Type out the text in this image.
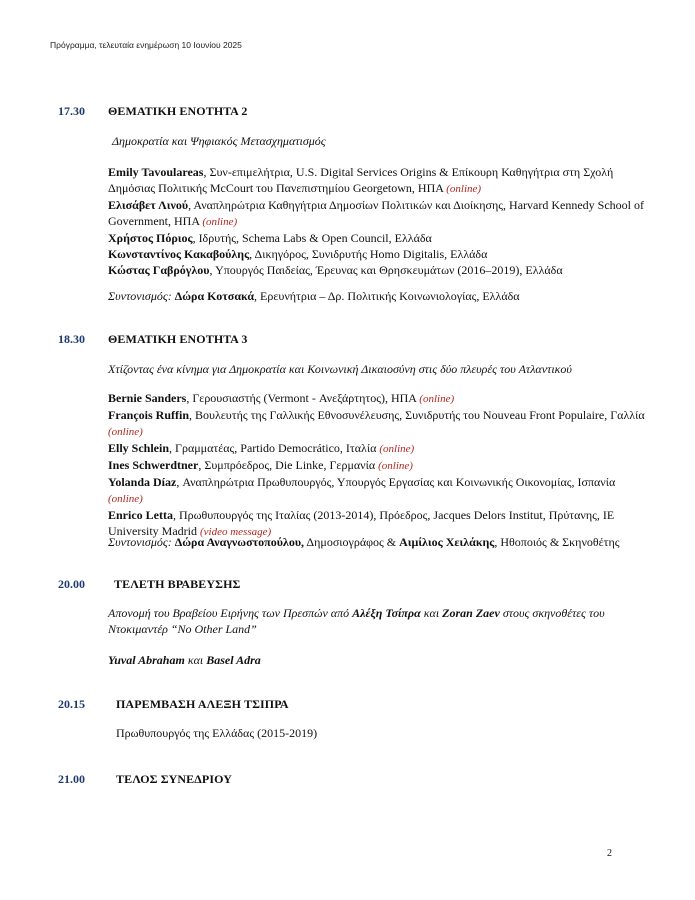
Πρόγραμμα, τελευταία ενημέρωση 10 Ιουνίου 2025
17.30 ΘΕΜΑΤΙΚΗ ΕΝΟΤΗΤΑ 2
Δημοκρατία και Ψηφιακός Μετασχηματισμός

Emily Tavoulareas, Συν-επιμελήτρια, U.S. Digital Services Origins & Επίκουρη Καθηγήτρια στη Σχολή Δημόσιας Πολιτικής McCourt του Πανεπιστημίου Georgetown, ΗΠΑ (online)

Ελισάβετ Λινού, Αναπληρώτρια Καθηγήτρια Δημοσίων Πολιτικών και Διοίκησης, Harvard Kennedy School of Government, ΗΠΑ (online)

Χρήστος Πόριος, Ιδρυτής, Schema Labs & Open Council, Ελλάδα

Κωνσταντίνος Κακαβούλης, Δικηγόρος, Συνιδρυτής Homo Digitalis, Ελλάδα

Κώστας Γαβρόγλου, Υπουργός Παιδείας, Έρευνας και Θρησκευμάτων (2016–2019), Ελλάδα

Συντονισμός: Δώρα Κοτσακά, Ερευνήτρια – Δρ. Πολιτικής Κοινωνιολογίας, Ελλάδα
18.30 ΘΕΜΑΤΙΚΗ ΕΝΟΤΗΤΑ 3
Χτίζοντας ένα κίνημα για Δημοκρατία και Κοινωνική Δικαιοσύνη στις δύο πλευρές του Ατλαντικού

Bernie Sanders, Γερουσιαστής (Vermont - Ανεξάρτητος), ΗΠΑ (online)

François Ruffin, Βουλευτής της Γαλλικής Εθνοσυνέλευσης, Συνιδρυτής του Nouveau Front Populaire, Γαλλία (online)

Elly Schlein, Γραμματέας, Partido Democrático, Ιταλία (online)

Ines Schwerdtner, Συμπρόεδρος, Die Linke, Γερμανία (online)

Yolanda Díaz, Αναπληρώτρια Πρωθυπουργός, Υπουργός Εργασίας και Κοινωνικής Οικονομίας, Ισπανία (online)

Enrico Letta, Πρωθυπουργός της Ιταλίας (2013-2014), Πρόεδρος, Jacques Delors Institut, Πρύτανης, IE University Madrid (video message)

Συντονισμός: Δώρα Αναγνωστοπούλου, Δημοσιογράφος & Αιμίλιος Χειλάκης, Ηθοποιός & Σκηνοθέτης
20.00 ΤΕΛΕΤΗ ΒΡΑΒΕΥΣΗΣ
Απονομή του Βραβείου Ειρήνης των Πρεσπών από Αλέξη Τσίπρα και Zoran Zaev στους σκηνοθέτες του Ντοκιμαντέρ “No Other Land”
Yuval Abraham και Basel Adra
20.15	ΠΑΡΕΜΒΑΣΗ ΑΛΕΞΗ ΤΣΙΠΡΑ
Πρωθυπουργός της Ελλάδας (2015-2019)
21.00	ΤΕΛΟΣ ΣΥΝΕΔΡΙΟΥ
2
